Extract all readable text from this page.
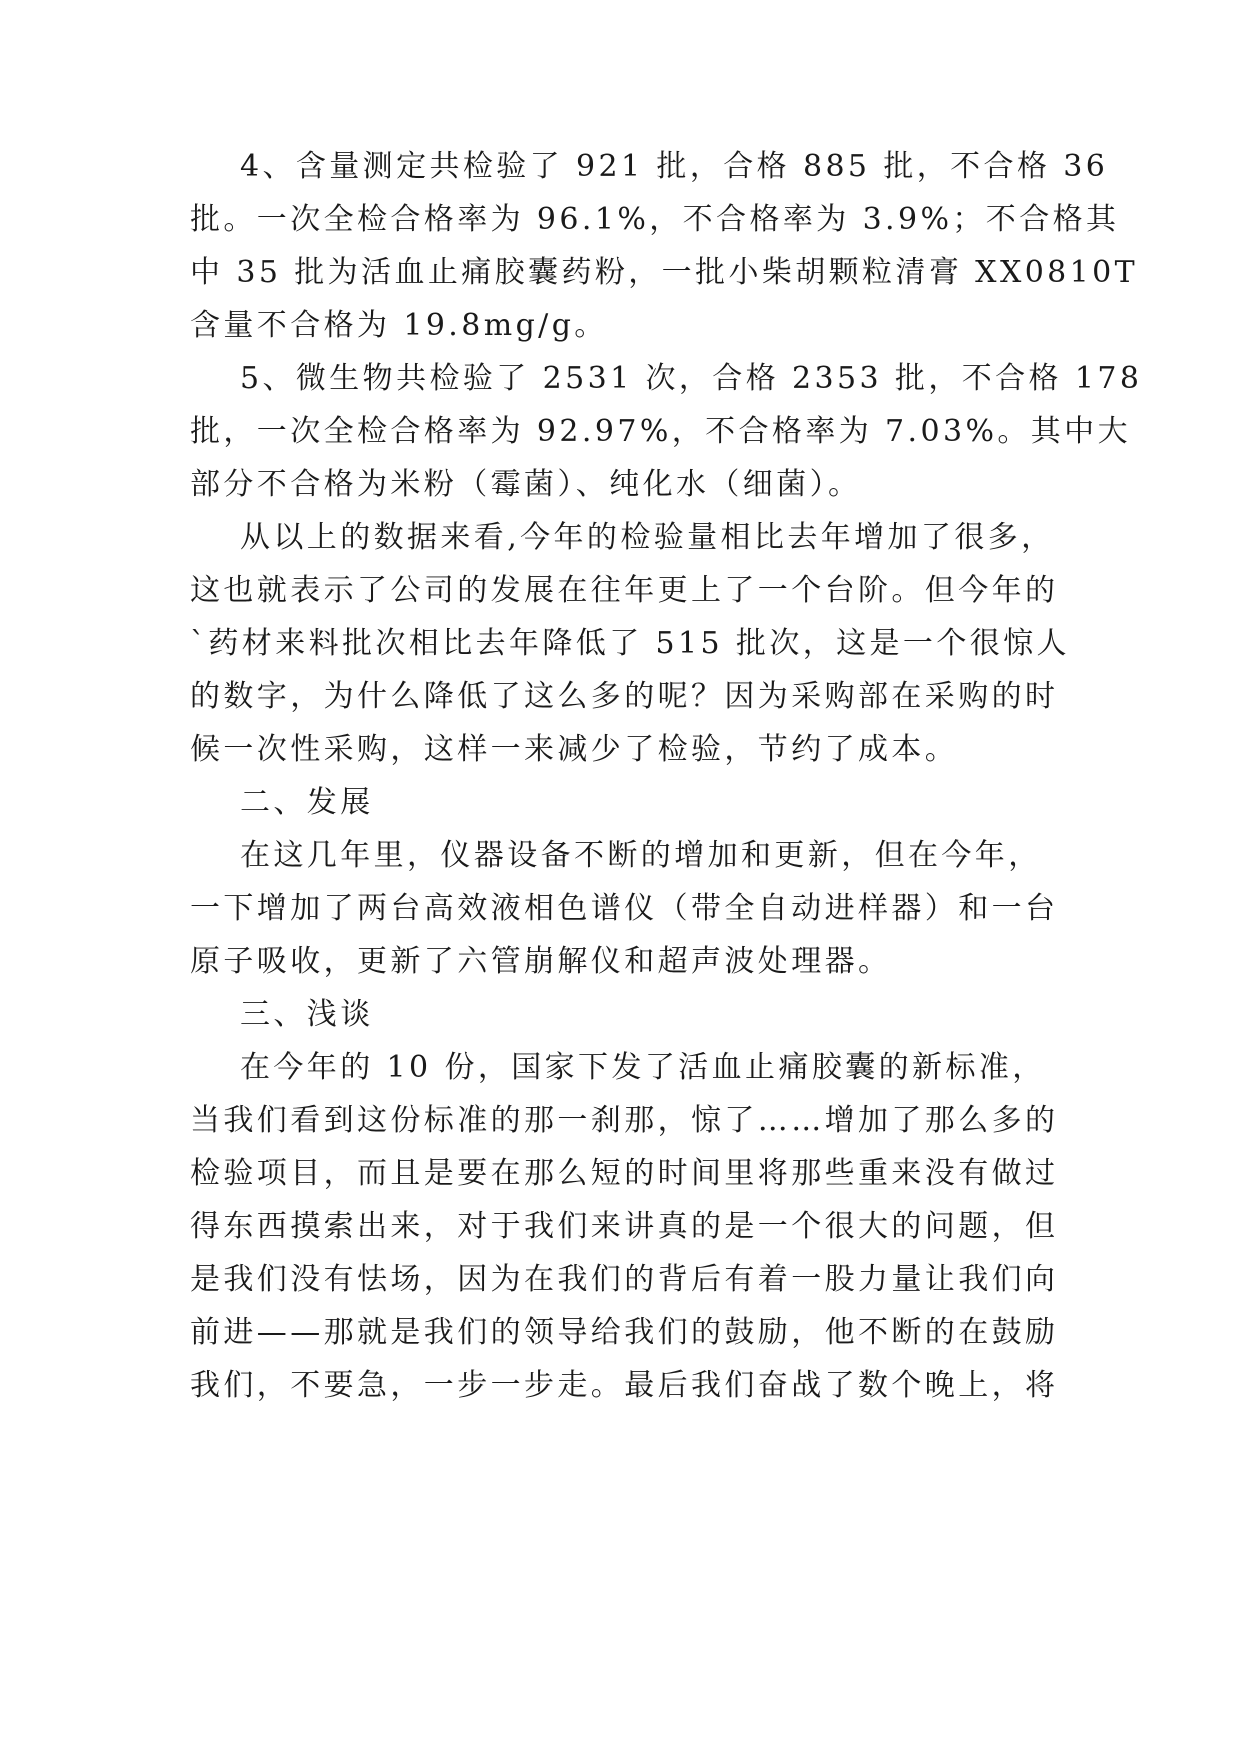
4、含量测定共检验了 921 批，合格 885 批，不合格 36
批。一次全检合格率为 96.1%，不合格率为 3.9%；不合格其
中 35 批为活血止痛胶囊药粉，一批小柴胡颗粒清膏 XX0810T
含量不合格为 19.8mg/g。
5、微生物共检验了 2531 次，合格 2353 批，不合格 178
批，一次全检合格率为 92.97%，不合格率为 7.03%。其中大
部分不合格为米粉（霉菌）、纯化水（细菌）。
从以上的数据来看,今年的检验量相比去年增加了很多，
这也就表示了公司的发展在往年更上了一个台阶。但今年的
`药材来料批次相比去年降低了 515 批次，这是一个很惊人
的数字，为什么降低了这么多的呢？因为采购部在采购的时
候一次性采购，这样一来减少了检验，节约了成本。
二、发展
在这几年里，仪器设备不断的增加和更新，但在今年，
一下增加了两台高效液相色谱仪（带全自动进样器）和一台
原子吸收，更新了六管崩解仪和超声波处理器。
三、浅谈
在今年的 10 份，国家下发了活血止痛胶囊的新标准，
当我们看到这份标准的那一刹那，惊了……增加了那么多的
检验项目，而且是要在那么短的时间里将那些重来没有做过
得东西摸索出来，对于我们来讲真的是一个很大的问题，但
是我们没有怯场，因为在我们的背后有着一股力量让我们向
前进——那就是我们的领导给我们的鼓励，他不断的在鼓励
我们，不要急，一步一步走。最后我们奋战了数个晚上，将
